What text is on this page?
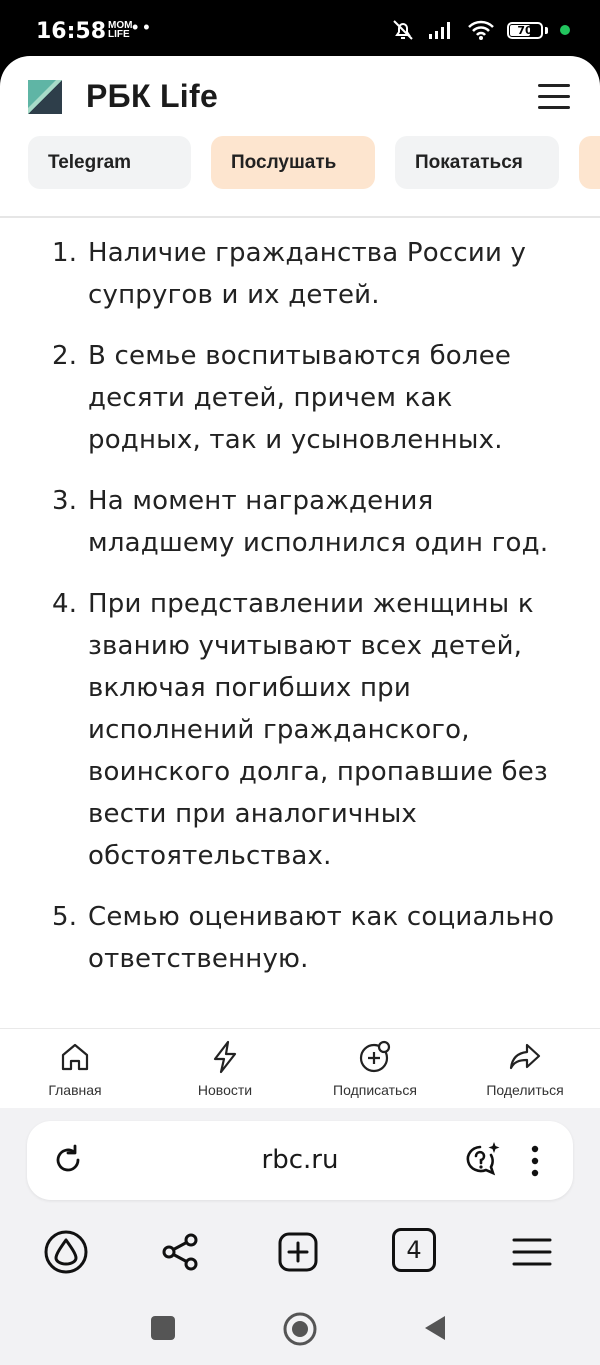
16:58 MOM LIFE • •	70
РБК Life
Telegram	Послушать	Покататься
1. Наличие гражданства России у супругов и их детей.
2. В семье воспитываются более десяти детей, причем как родных, так и усыновленных.
3. На момент награждения младшему исполнился один год.
4. При представлении женщины к званию учитывают всех детей, включая погибших при исполнений гражданского, воинского долга, пропавшие без вести при аналогичных обстоятельствах.
5. Семью оценивают как социально ответственную.
Главная	Новости	Подписаться	Поделиться
rbc.ru
4
